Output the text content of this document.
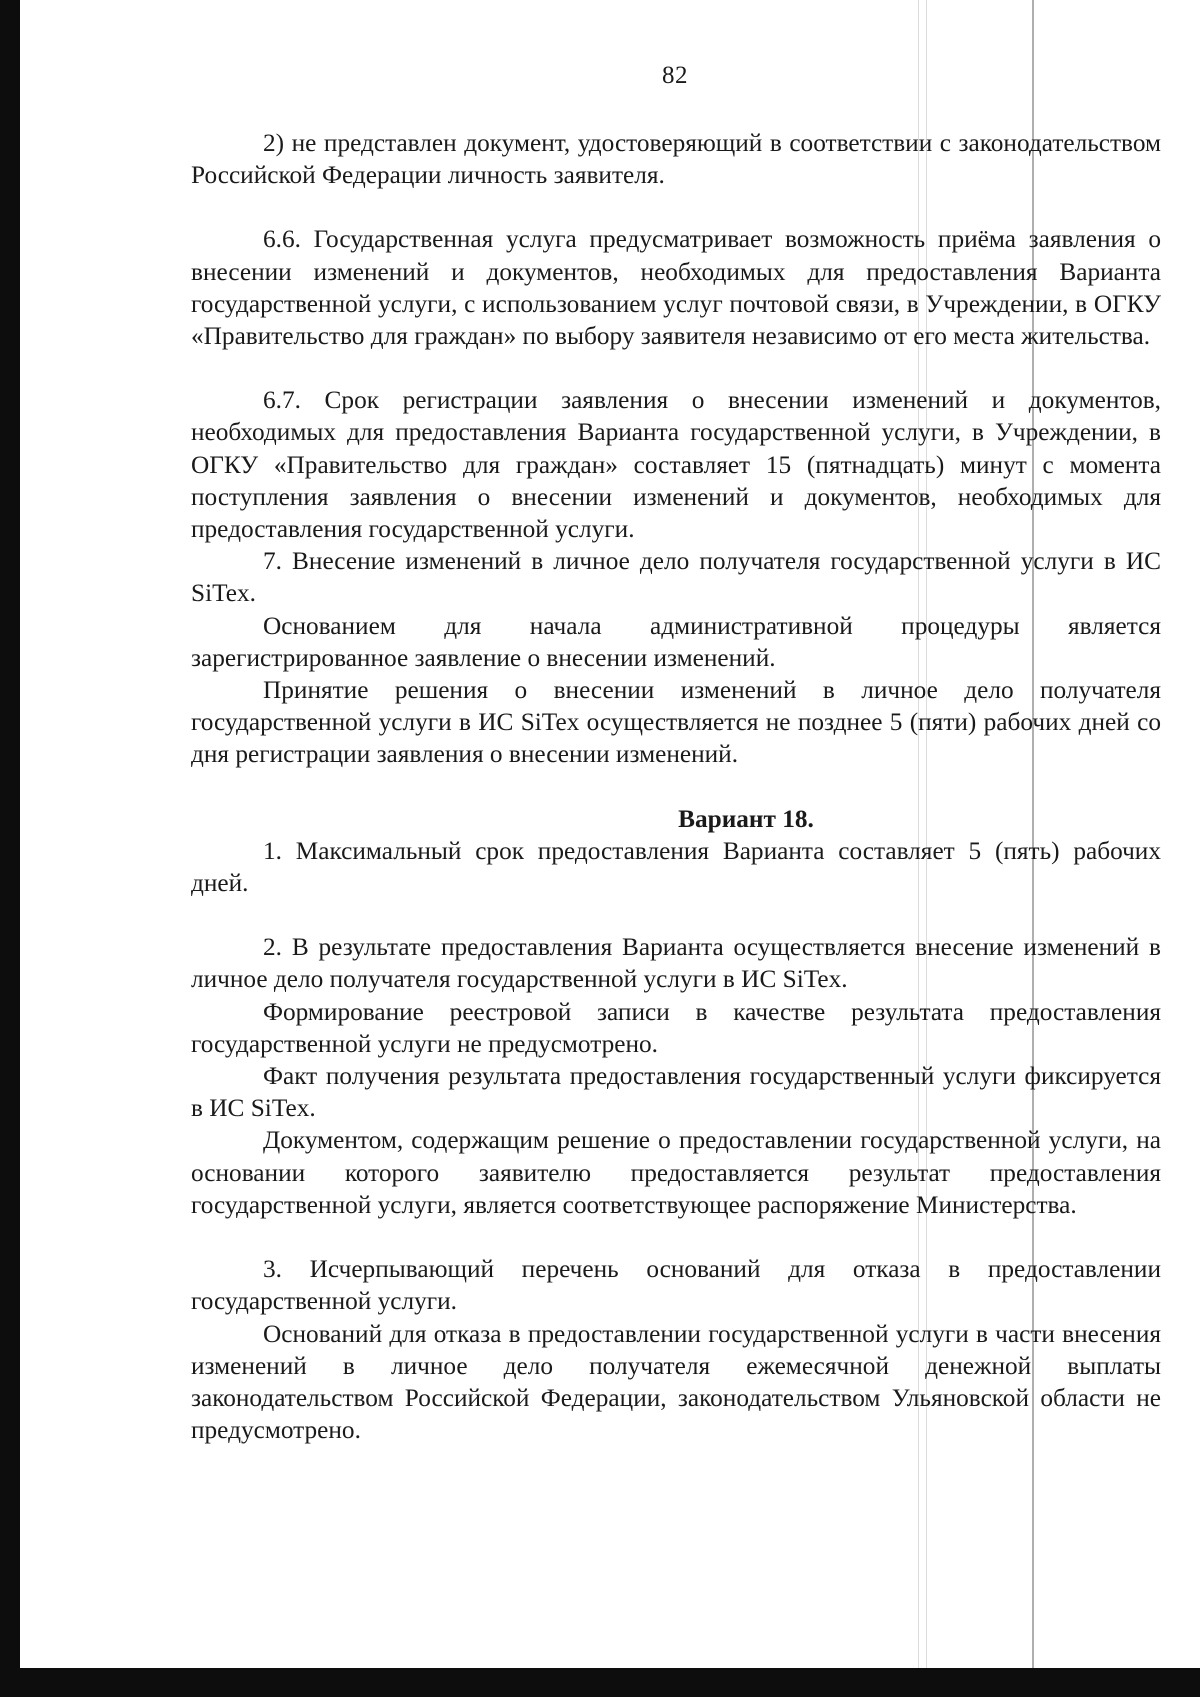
82

2) не представлен документ, удостоверяющий в соответствии с законодательством Российской Федерации личность заявителя.

6.6. Государственная услуга предусматривает возможность приёма заявления о внесении изменений и документов, необходимых для предоставления Варианта государственной услуги, с использованием услуг почтовой связи, в Учреждении, в ОГКУ «Правительство для граждан» по выбору заявителя независимо от его места жительства.

6.7. Срок регистрации заявления о внесении изменений и документов, необходимых для предоставления Варианта государственной услуги, в Учреждении, в ОГКУ «Правительство для граждан» составляет 15 (пятнадцать) минут с момента поступления заявления о внесении изменений и документов, необходимых для предоставления государственной услуги.

7. Внесение изменений в личное дело получателя государственной услуги в ИС SiTex.

Основанием для начала административной процедуры является зарегистрированное заявление о внесении изменений.

Принятие решения о внесении изменений в личное дело получателя государственной услуги в ИС SiTex осуществляется не позднее 5 (пяти) рабочих дней со дня регистрации заявления о внесении изменений.

Вариант 18.

1. Максимальный срок предоставления Варианта составляет 5 (пять) рабочих дней.

2. В результате предоставления Варианта осуществляется внесение изменений в личное дело получателя государственной услуги в ИС SiTex.

Формирование реестровой записи в качестве результата предоставления государственной услуги не предусмотрено.

Факт получения результата предоставления государственный услуги фиксируется в ИС SiTex.

Документом, содержащим решение о предоставлении государственной услуги, на основании которого заявителю предоставляется результат предоставления государственной услуги, является соответствующее распоряжение Министерства.

3. Исчерпывающий перечень оснований для отказа в предоставлении государственной услуги.

Оснований для отказа в предоставлении государственной услуги в части внесения изменений в личное дело получателя ежемесячной денежной выплаты законодательством Российской Федерации, законодательством Ульяновской области не предусмотрено.
